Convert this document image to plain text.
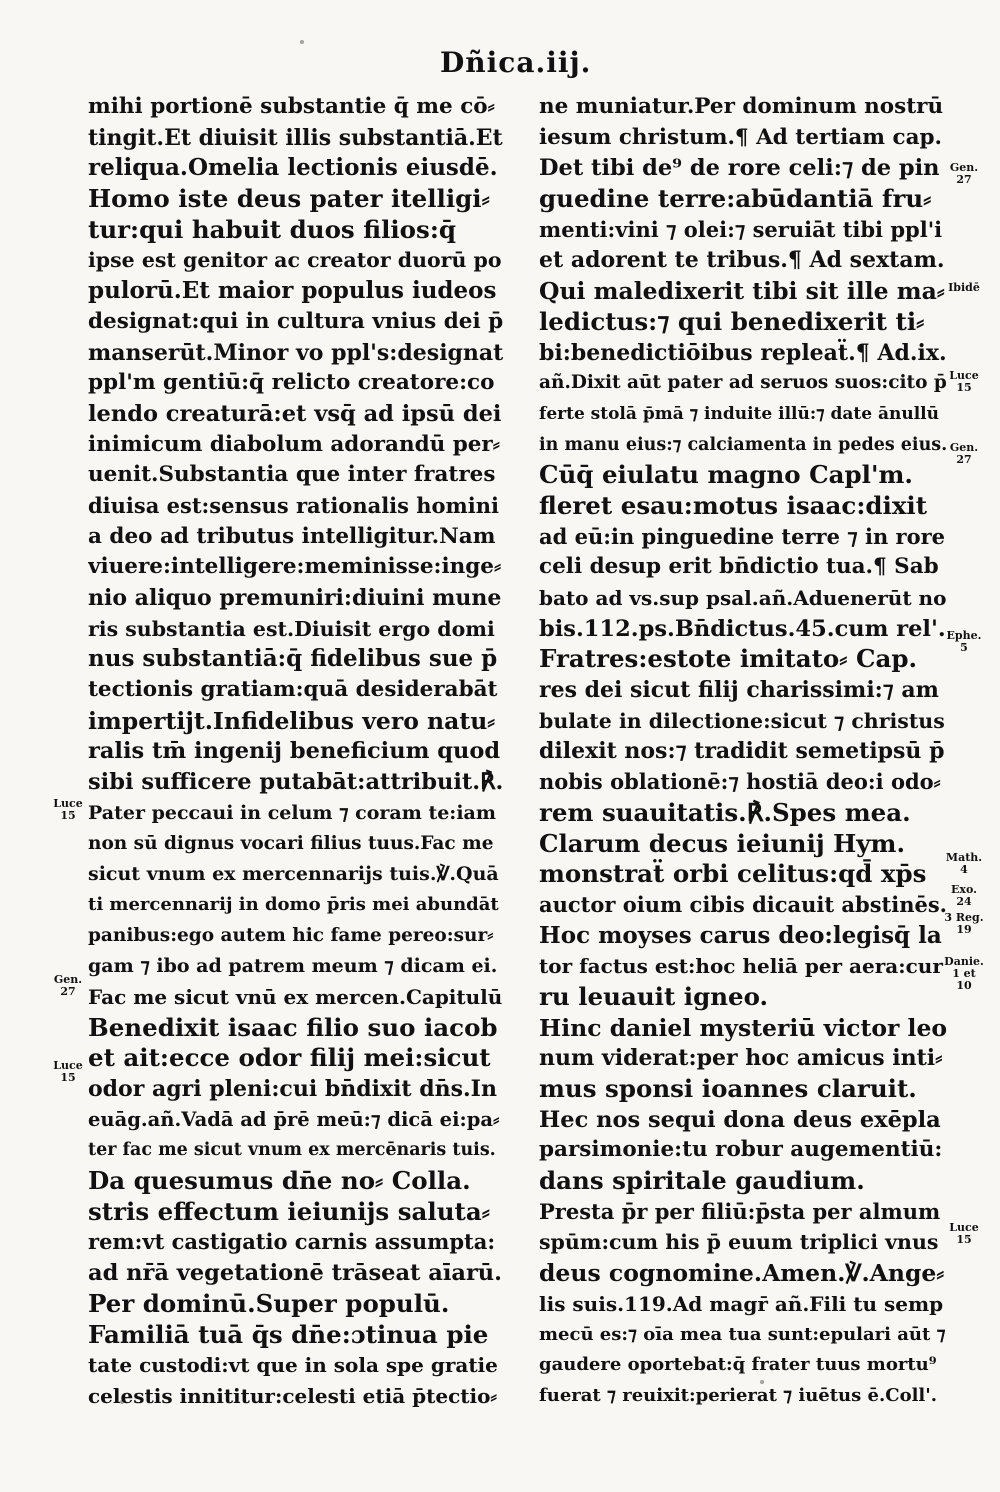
Dñica.iij.
mihi portionē substantie q̄ me cō⸗
tingit.Et diuisit illis substantiā.Et
reliqua.Omelia lectionis eiusdē.
Homo iste deus pater itelligi⸗
tur:qui habuit duos filios:q̄
ipse est genitor ac creator duorū po
pulorū.Et maior populus iudeos
designat:qui in cultura vnius dei p̄
manserūt.Minor vo ppl's:designat
ppl'm gentiū:q̄ relicto creatore:co
lendo creaturā:et vsq̄ ad ipsū dei
inimicum diabolum adorandū per⸗
uenit.Substantia que inter fratres
diuisa est:sensus rationalis homini
a deo ad tributus intelligitur.Nam
viuere:intelligere:meminisse:inge⸗
nio aliquo premuniri:diuini mune
ris substantia est.Diuisit ergo domi
nus substantiā:q̄ fidelibus sue p̄
tectionis gratiam:quā desiderabāt
impertijt.Infidelibus vero natu⸗
ralis tm̄ ingenij beneficium quod
sibi sufficere putabāt:attribuit.℟.
Pater peccaui in celum ⁊ coram te:iam
non sū dignus vocari filius tuus.Fac me
sicut vnum ex mercennarijs tuis.℣.Quā
ti mercennarij in domo p̄ris mei abundāt
panibus:ego autem hic fame pereo:sur⸗
gam ⁊ ibo ad patrem meum ⁊ dicam ei.
Fac me sicut vnū ex mercen.Capitulū
Benedixit isaac filio suo iacob
et ait:ecce odor filij mei:sicut
odor agri pleni:cui bn̄dixit dn̄s.In
euāg.añ.Vadā ad p̄rē meū:⁊ dicā ei:pa⸗
ter fac me sicut vnum ex mercēnaris tuis.
Da quesumus dn̄e no⸗ Colla.
stris effectum ieiunijs saluta⸗
rem:vt castigatio carnis assumpta:
ad nr̄ā vegetationē trāseat aīarū.
Per dominū.Super populū.
Familiā tuā q̄s dn̄e:ɔtinua pie
tate custodi:vt que in sola spe gratie
celestis innititur:celesti etiā p̄tectio⸗
ne muniatur.Per dominum nostrū
iesum christum.¶ Ad tertiam cap.
Det tibi de⁹ de rore celi:⁊ de pin
guedine terre:abūdantiā fru⸗
menti:vini ⁊ olei:⁊ seruiāt tibi ppl'i
et adorent te tribus.¶ Ad sextam.
Qui maledixerit tibi sit ille ma⸗
ledictus:⁊ qui benedixerit ti⸗
bi:benedictiōibus repleaẗ.¶ Ad.ix.
añ.Dixit aūt pater ad seruos suos:cito p̄
ferte stolā p̄mā ⁊ induite illū:⁊ date ānullū
in manu eius:⁊ calciamenta in pedes eius.
Cūq̄ eiulatu magno Capl'm.
fleret esau:motus isaac:dixit
ad eū:in pinguedine terre ⁊ in rore
celi desup erit bn̄dictio tua.¶ Sab
bato ad vs.sup psal.añ.Aduenerūt no
bis.112.ps.Bn̄dictus.45.cum rel'.
Fratres:estote imitato⸗ Cap.
res dei sicut filij charissimi:⁊ am
bulate in dilectione:sicut ⁊ christus
dilexit nos:⁊ tradidit semetipsū p̄
nobis oblationē:⁊ hostiā deo:i odo⸗
rem suauitatis.℟.Spes mea.
Clarum decus ieiunij Hym.
monstraẗ orbi celitus:qd̄ xp̄s
auctor oium cibis dicauit abstinēs.
Hoc moyses carus deo:legisq̄ la
tor factus est:hoc heliā per aera:cur
ru leuauit igneo.
Hinc daniel mysteriū victor leo
num viderat:per hoc amicus inti⸗
mus sponsi ioannes claruit.
Hec nos sequi dona deus exēpla
parsimonie:tu robur augementiū:
dans spiritale gaudium.
Presta p̄r per filiū:p̄sta per almum
spūm:cum his p̄ euum triplici vnus
deus cognomine.Amen.℣.Ange⸗
lis suis.119.Ad magr̄ añ.Fili tu semp
mecū es:⁊ oīa mea tua sunt:epulari aūt ⁊
gaudere oportebat:q̄ frater tuus mortu⁹
fuerat ⁊ reuixit:perierat ⁊ iuētus ē.Coll'.
Luce 15
Gen. 27
Luce 15
Gen. 27
Ibidē
Luce 15
Gen. 27
Ephe. 5
Math. 4
Exo. 24
3 Reg. 19
Danie. 1 et 10
Luce 15
